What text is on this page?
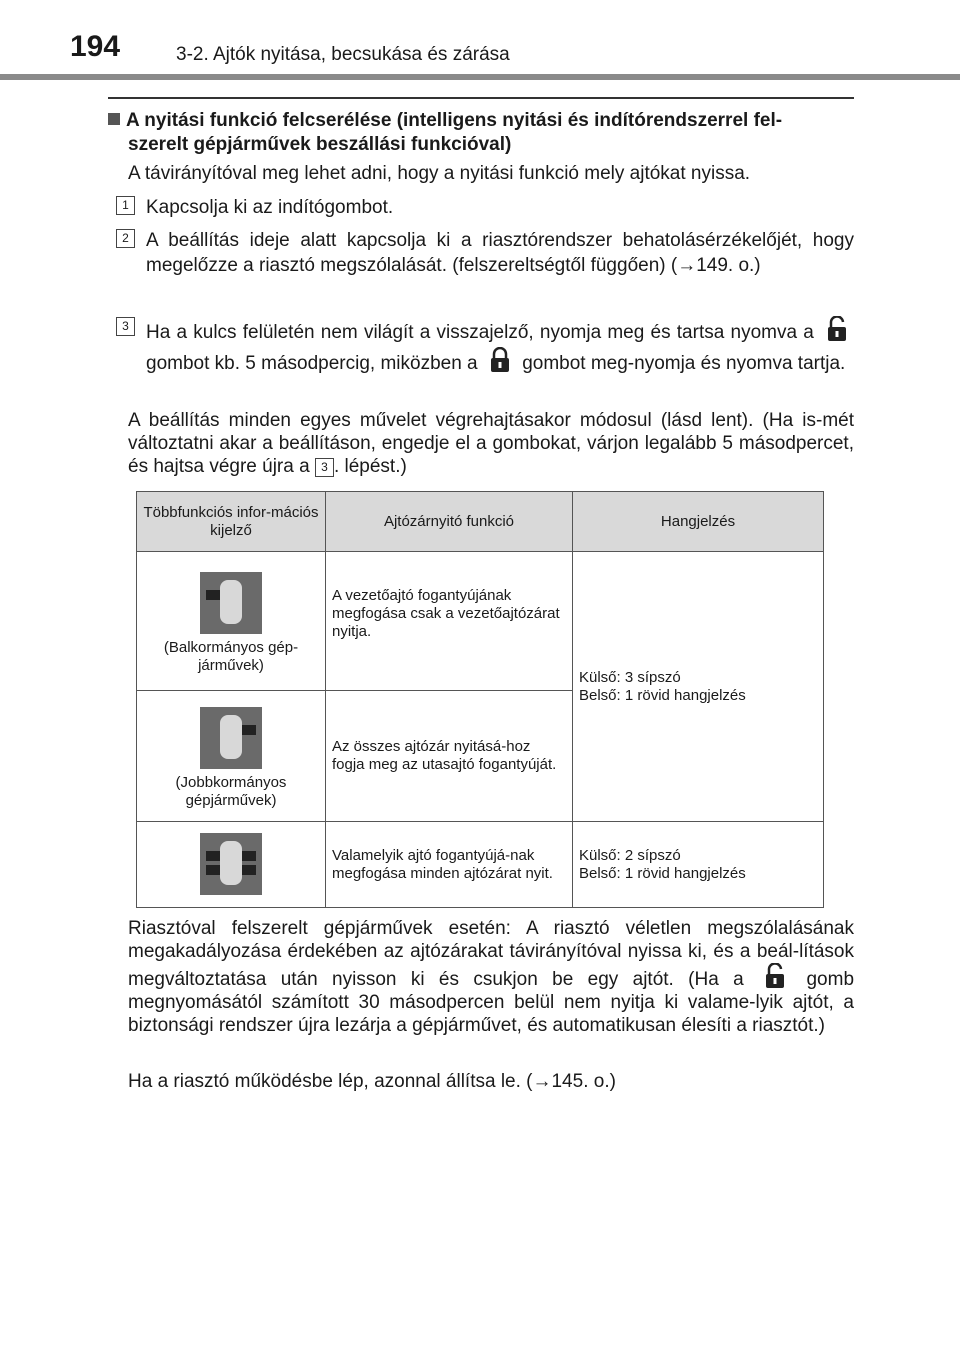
194	3-2. Ajtók nyitása, becsukása és zárása
A nyitási funkció felcserélése (intelligens nyitási és indítórendszerrel fel-
szerelt gépjárművek beszállási funkcióval)
A távirányítóval meg lehet adni, hogy a nyitási funkció mely ajtókat nyissa.
1 Kapcsolja ki az indítógombot.
2 A beállítás ideje alatt kapcsolja ki a riasztórendszer behatolásérzékelőjét, hogy megelőzze a riasztó megszólalását. (felszereltségtől függően) (→149. o.)
3 Ha a kulcs felületén nem világít a visszajelző, nyomja meg és tartsa nyomva a  gombot kb. 5 másodpercig, miközben a gombot meg-nyomja és nyomva tartja.
A beállítás minden egyes művelet végrehajtásakor módosul (lásd lent). (Ha is-mét változtatni akar a beállításon, engedje el a gombokat, várjon legalább 5 másodpercet, és hajtsa végre újra a 3 . lépést.)
Többfunkciós infor-mációs kijelző	Ajtózárnyitó funkció	Hangjelzés

(Balkormányos gép-járművek)	A vezetőajtó fogantyújának megfogása csak a vezetőajtózárat nyitja.	Külső: 3 sípszó
Belső: 1 rövid hangjelzés

(Jobbkormányos gépjárművek)	Az összes ajtózár nyitásá-hoz fogja meg az utasajtó fogantyúját.	
	Valamelyik ajtó fogantyújá-nak megfogása minden ajtózárat nyit.	Külső: 2 sípszó
Belső: 1 rövid hangjelzés
Riasztóval felszerelt gépjárművek esetén: A riasztó véletlen megszólalásának megakadályozása érdekében az ajtózárakat távirányítóval nyissa ki, és a beál-lítások megváltoztatása után nyisson ki és csukjon be egy ajtót. (Ha a	gomb megnyomásától számított 30 másodpercen belül nem nyitja ki valame-lyik ajtót, a biztonsági rendszer újra lezárja a gépjárművet, és automatikusan élesíti a riasztót.)
Ha a riasztó működésbe lép, azonnal állítsa le. (→145. o.)
